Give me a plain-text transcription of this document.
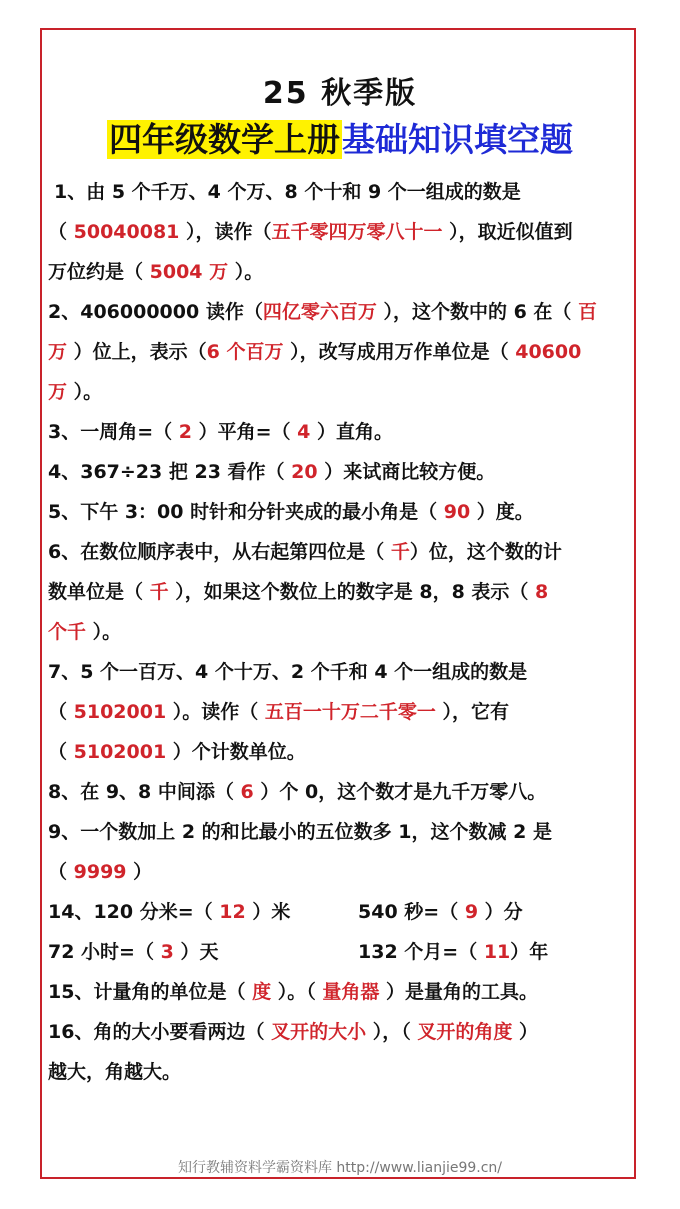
25 秋季版
四年级数学上册基础知识填空题
1、由 5 个千万、4 个万、8 个十和 9 个一组成的数是
（ 50040081 ），读作（五千零四万零八十一 ），取近似值到
万位约是（ 5004 万 ）。
2、406000000 读作（四亿零六百万 ），这个数中的 6 在（ 百
万 ）位上，表示（6 个百万 ），改写成用万作单位是（ 40600
万 ）。
3、一周角=（ 2 ）平角=（ 4 ）直角。
4、367÷23 把 23 看作（ 20 ）来试商比较方便。
5、下午 3：00 时针和分针夹成的最小角是（ 90 ）度。
6、在数位顺序表中，从右起第四位是（ 千）位，这个数的计
数单位是（ 千 ），如果这个数位上的数字是 8，8 表示（ 8
个千 ）。
7、5 个一百万、4 个十万、2 个千和 4 个一组成的数是
（ 5102001 ）。读作（ 五百一十万二千零一 ），它有
（ 5102001 ）个计数单位。
8、在 9、8 中间添（ 6 ）个 0，这个数才是九千万零八。
9、一个数加上 2 的和比最小的五位数多 1，这个数减 2 是
（ 9999 ）
14、120 分米=（ 12 ）米	540 秒=（ 9 ）分
72 小时=（ 3 ）天	132 个月=（ 11）年
15、计量角的单位是（ 度 ）。（ 量角器 ）是量角的工具。
16、角的大小要看两边（ 叉开的大小 ），（ 叉开的角度 ）
越大，角越大。
知行教辅资料学霸资料库 http://www.lianjie99.cn/
